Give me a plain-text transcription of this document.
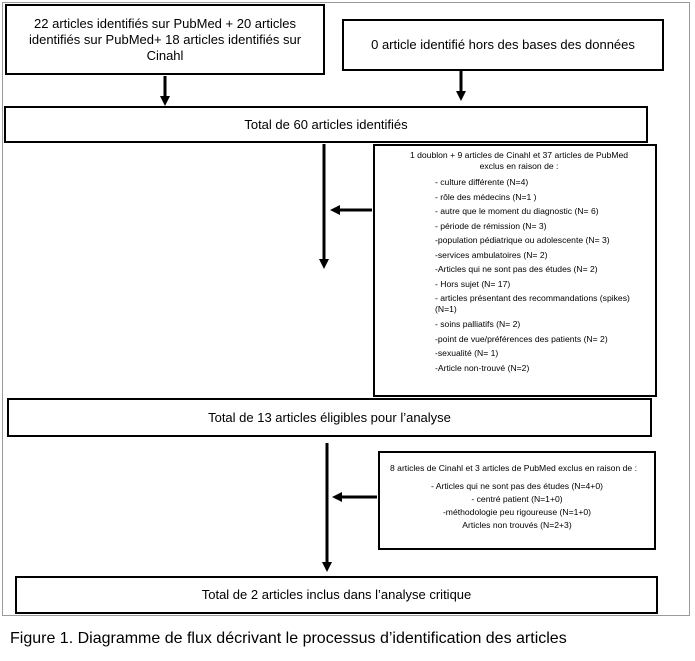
22 articles identifiés sur PubMed + 20 articles identifiés sur PubMed+ 18 articles identifiés sur Cinahl
0 article identifié hors des bases des données
Total de 60 articles identifiés
1 doublon + 9 articles de Cinahl et 37 articles de PubMed exclus en raison de :
- culture différente (N=4)
- rôle des médecins (N=1 )
- autre que le moment du diagnostic (N= 6)
- période de rémission (N= 3)
-population pédiatrique ou adolescente (N= 3)
-services ambulatoires (N= 2)
-Articles qui ne sont pas des études (N= 2)
- Hors sujet (N= 17)
- articles présentant des recommandations (spikes) (N=1)
- soins palliatifs (N= 2)
-point de vue/préférences des patients (N= 2)
-sexualité (N= 1)
-Article non-trouvé (N=2)
Total de 13 articles éligibles pour l’analyse
8 articles de Cinahl et 3 articles de PubMed exclus en raison de :
- Articles qui ne sont pas des études (N=4+0)
- centré patient (N=1+0)
-méthodologie peu rigoureuse (N=1+0)
Articles non trouvés (N=2+3)
Total de 2 articles inclus dans l’analyse critique
Figure 1. Diagramme de flux décrivant le processus d’identification des articles
